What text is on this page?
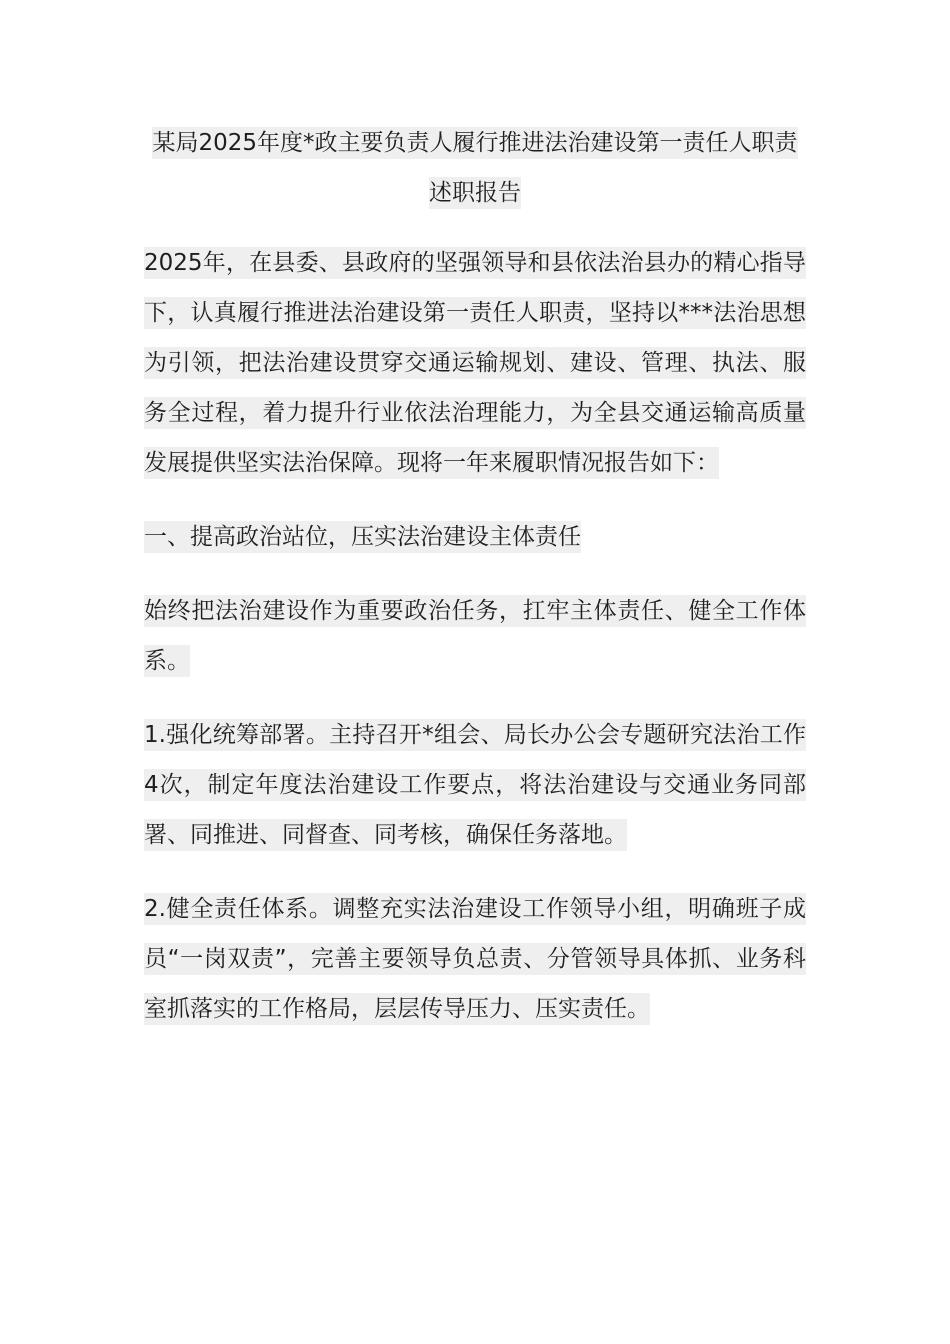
某局2025年度*政主要负责人履行推进法治建设第一责任人职责述职报告

2025年，在县委、县政府的坚强领导和县依法治县办的精心指导下，认真履行推进法治建设第一责任人职责，坚持以***法治思想为引领，把法治建设贯穿交通运输规划、建设、管理、执法、服务全过程，着力提升行业依法治理能力，为全县交通运输高质量发展提供坚实法治保障。现将一年来履职情况报告如下：

一、提高政治站位，压实法治建设主体责任

始终把法治建设作为重要政治任务，扛牢主体责任、健全工作体系。

1.强化统筹部署。主持召开*组会、局长办公会专题研究法治工作4次，制定年度法治建设工作要点，将法治建设与交通业务同部署、同推进、同督查、同考核，确保任务落地。

2.健全责任体系。调整充实法治建设工作领导小组，明确班子成员“一岗双责”，完善主要领导负总责、分管领导具体抓、业务科室抓落实的工作格局，层层传导压力、压实责任。
